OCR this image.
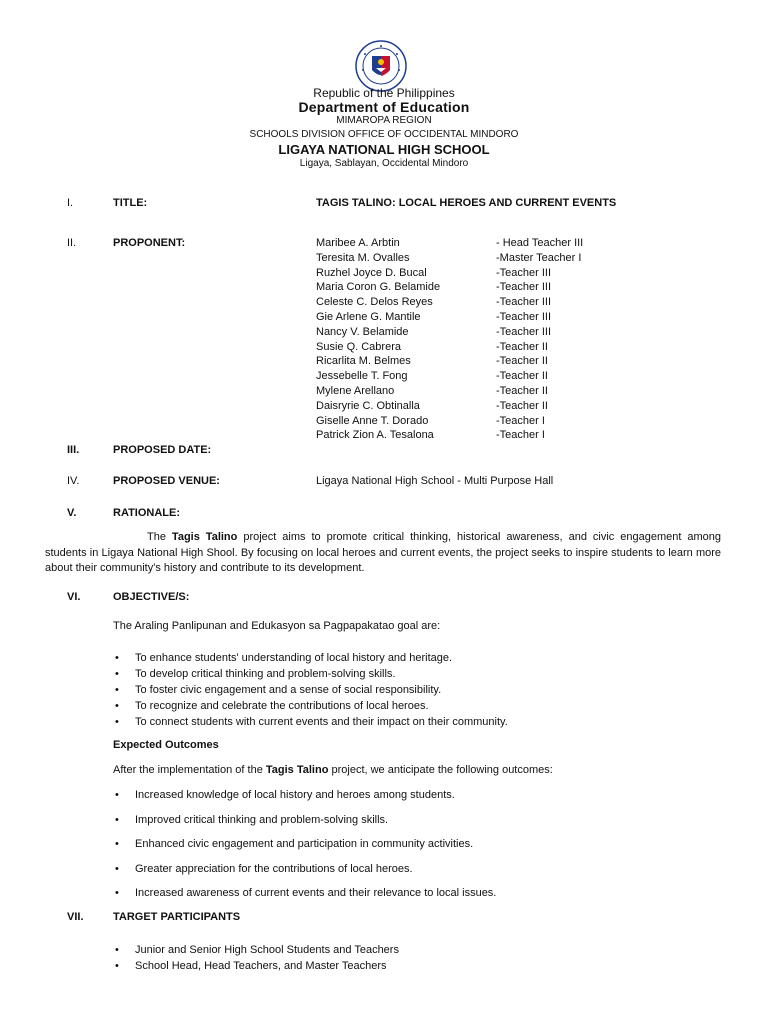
Republic of the Philippines
Department of Education
MIMAROPA REGION
SCHOOLS DIVISION OFFICE OF OCCIDENTAL MINDORO
LIGAYA NATIONAL HIGH SCHOOL
Ligaya, Sablayan, Occidental Mindoro
I.	TITLE:	TAGIS TALINO: LOCAL HEROES AND CURRENT EVENTS
II.	PROPONENT:	Maribee A. Arbtin	- Head Teacher III
Teresita M. Ovalles	-Master Teacher I
Ruzhel Joyce D. Bucal	-Teacher III
Maria Coron G. Belamide	-Teacher III
Celeste C. Delos Reyes	-Teacher III
Gie Arlene G. Mantile	-Teacher III
Nancy V. Belamide	-Teacher III
Susie Q. Cabrera	-Teacher II
Ricarlita M. Belmes	-Teacher II
Jessebelle T. Fong	-Teacher II
Mylene Arellano	-Teacher II
Daisryrie C. Obtinalla	-Teacher II
Giselle Anne T. Dorado	-Teacher I
Patrick Zion A. Tesalona	-Teacher I
III.	PROPOSED DATE:
IV.	PROPOSED VENUE:	Ligaya National High School - Multi Purpose Hall
V.	RATIONALE:
The Tagis Talino project aims to promote critical thinking, historical awareness, and civic engagement among students in Ligaya National High Shool. By focusing on local heroes and current events, the project seeks to inspire students to learn more about their community's history and contribute to its development.
VI.	OBJECTIVE/S:
The Araling Panlipunan and Edukasyon sa Pagpapakatao goal are:
• To enhance students' understanding of local history and heritage.
• To develop critical thinking and problem-solving skills.
• To foster civic engagement and a sense of social responsibility.
• To recognize and celebrate the contributions of local heroes.
• To connect students with current events and their impact on their community.
Expected Outcomes
After the implementation of the Tagis Talino project, we anticipate the following outcomes:
• Increased knowledge of local history and heroes among students.
• Improved critical thinking and problem-solving skills.
• Enhanced civic engagement and participation in community activities.
• Greater appreciation for the contributions of local heroes.
• Increased awareness of current events and their relevance to local issues.
VII.	TARGET PARTICIPANTS
• Junior and Senior High School Students and Teachers
• School Head, Head Teachers, and Master Teachers
